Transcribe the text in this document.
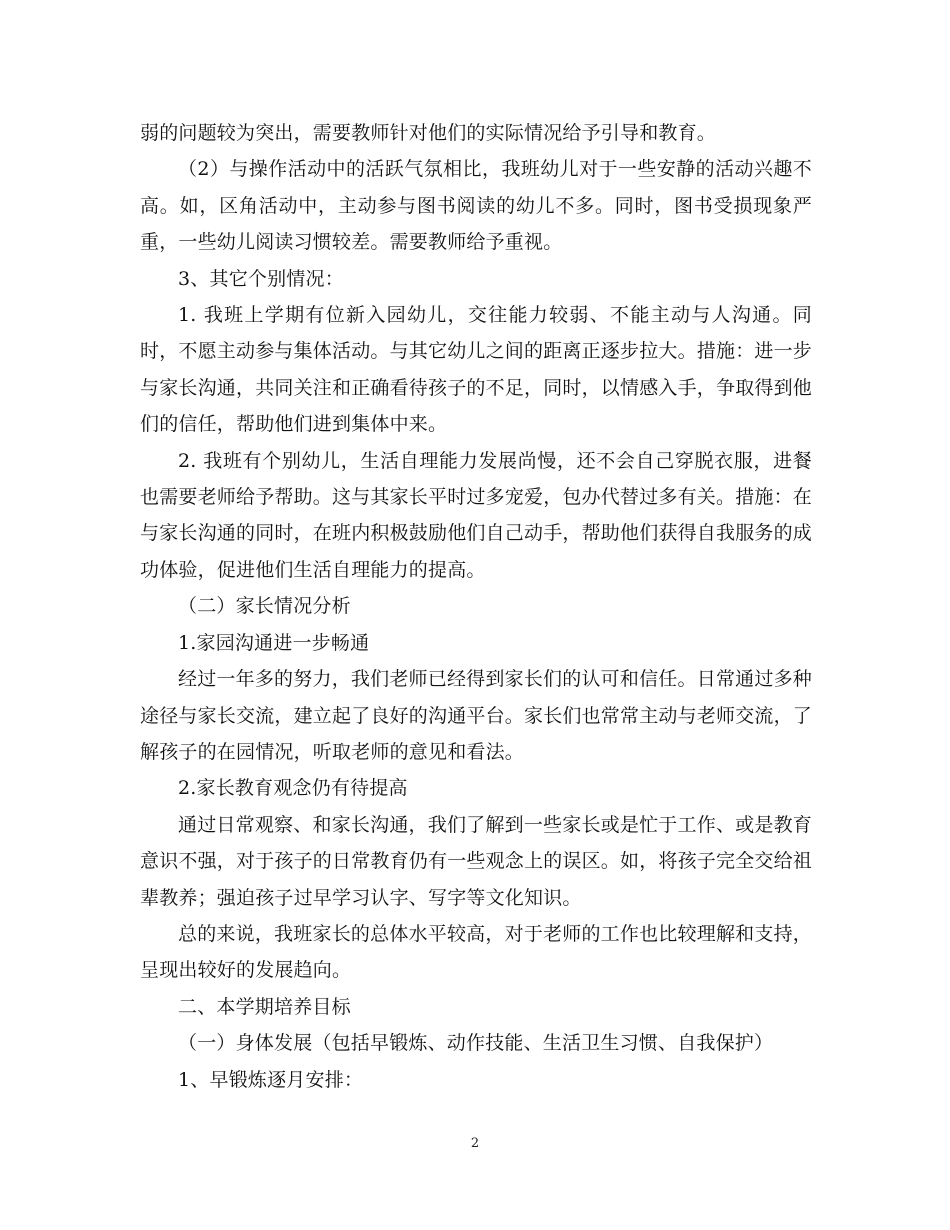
弱的问题较为突出，需要教师针对他们的实际情况给予引导和教育。

（2）与操作活动中的活跃气氛相比，我班幼儿对于一些安静的活动兴趣不高。如，区角活动中，主动参与图书阅读的幼儿不多。同时，图书受损现象严重，一些幼儿阅读习惯较差。需要教师给予重视。

3、其它个别情况：

1. 我班上学期有位新入园幼儿，交往能力较弱、不能主动与人沟通。同时，不愿主动参与集体活动。与其它幼儿之间的距离正逐步拉大。措施：进一步与家长沟通，共同关注和正确看待孩子的不足，同时，以情感入手，争取得到他们的信任，帮助他们进到集体中来。

2. 我班有个别幼儿，生活自理能力发展尚慢，还不会自己穿脱衣服，进餐也需要老师给予帮助。这与其家长平时过多宠爱，包办代替过多有关。措施：在与家长沟通的同时，在班内积极鼓励他们自己动手，帮助他们获得自我服务的成功体验，促进他们生活自理能力的提高。

（二）家长情况分析

1.家园沟通进一步畅通

经过一年多的努力，我们老师已经得到家长们的认可和信任。日常通过多种途径与家长交流，建立起了良好的沟通平台。家长们也常常主动与老师交流，了解孩子的在园情况，听取老师的意见和看法。

2.家长教育观念仍有待提高

通过日常观察、和家长沟通，我们了解到一些家长或是忙于工作、或是教育意识不强，对于孩子的日常教育仍有一些观念上的误区。如，将孩子完全交给祖辈教养；强迫孩子过早学习认字、写字等文化知识。

总的来说，我班家长的总体水平较高，对于老师的工作也比较理解和支持，呈现出较好的发展趋向。

二、本学期培养目标

（一）身体发展（包括早锻炼、动作技能、生活卫生习惯、自我保护）

1、早锻炼逐月安排：

2
